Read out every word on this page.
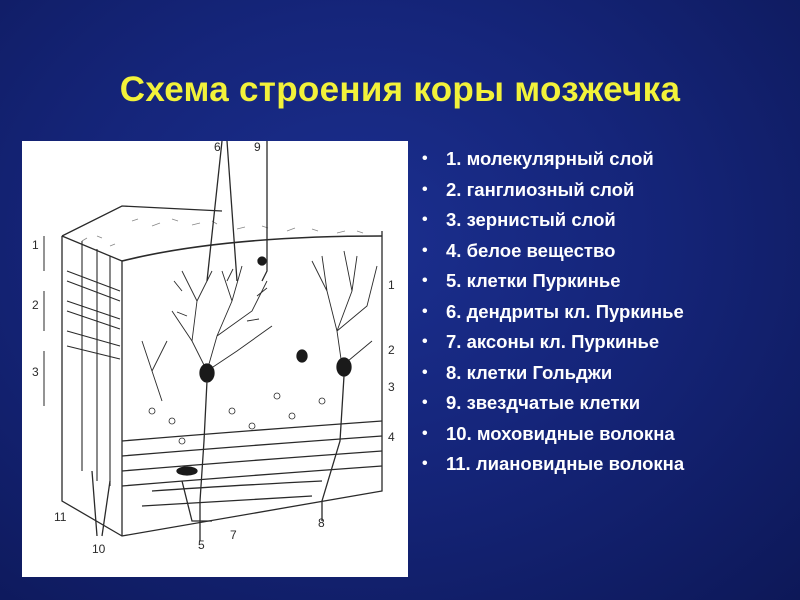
Схема строения коры мозжечка
1
2
3
1
2
3
4
6	9
11
10	5
7
8
• 1. молекулярный слой
• 2. ганглиозный слой
• 3. зернистый слой
• 4. белое вещество
• 5. клетки Пуркинье
• 6. дендриты кл. Пуркинье
• 7. аксоны кл. Пуркинье
• 8. клетки Гольджи
• 9. звездчатые клетки
• 10. моховидные волокна
• 11. лиановидные волокна
